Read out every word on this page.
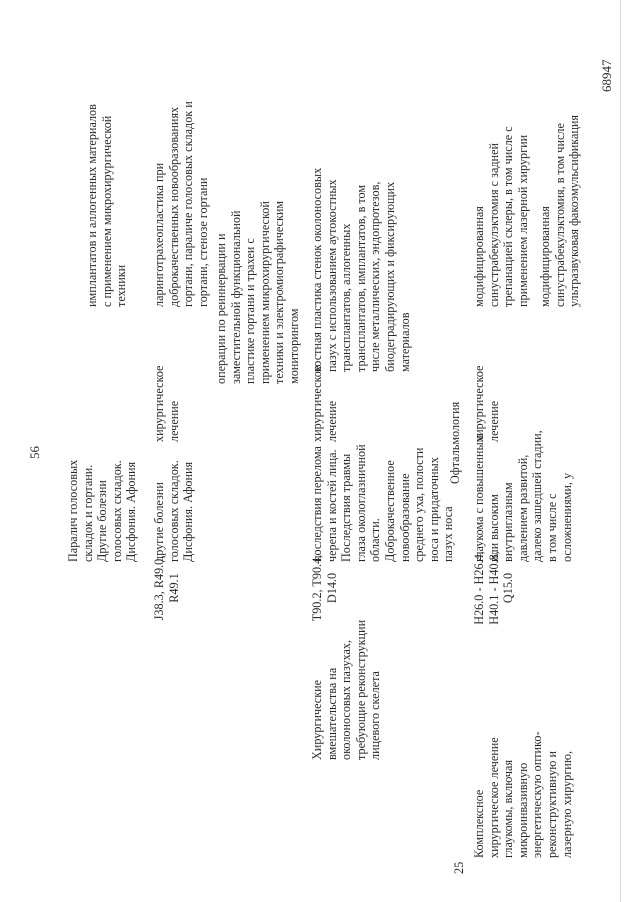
56
Паралич голосовых
складок и гортани.
Другие болезни
голосовых складок.
Дисфония. Афония
имплантатов и аллогенных материалов
с применением микрохирургической
техники
J38.3, R49.0,
R49.1
другие болезни
голосовых складок.
Дисфония. Афония
хирургическое
лечение
ларинготрахеопластика при
доброкачественных новообразованиях
гортани, параличе голосовых складок и
гортани, стенозе гортани
операции по реиннервации и
заместительной функциональной
пластике гортани и трахеи с
применением микрохирургической
техники и электромиографическим
мониторингом
Хирургические
вмешательства на
околоносовых пазухах,
требующие реконструкции
лицевого скелета
T90.2, T90.4,
D14.0
последствия перелома
черепа и костей лица.
Последствия травмы
глаза окологлазничной
области.
Доброкачественное
новообразование
среднего уха, полости
носа и придаточных
пазух носа
хирургическое
лечение
костная пластика стенок околоносовых
пазух с использованием аутокостных
трансплантатов, аллогенных
трансплантатов, имплантатов, в том
числе металлических, эндопротезов,
биодеградирующих и фиксирующих
материалов
Офтальмология
25
Комплексное
хирургическое лечение
глаукомы, включая
микроинвазивную
энергетическую оптико-
реконструктивную и
лазерную хирургию,
H26.0 - H26.4,
H40.1 - H40.8,
Q15.0
глаукома с повышенным
или высоким
внутриглазным
давлением развитой,
далеко зашедшей стадии,
в том числе с
осложнениями, у
хирургическое
лечение
модифицированная
синустрабекулэктомия с задней
трепанацией склеры, в том числе с
применением лазерной хирургии
модифицированная
синустрабекулэктомия, в том числе
ультразвуковая факоэмульсификация
68947
